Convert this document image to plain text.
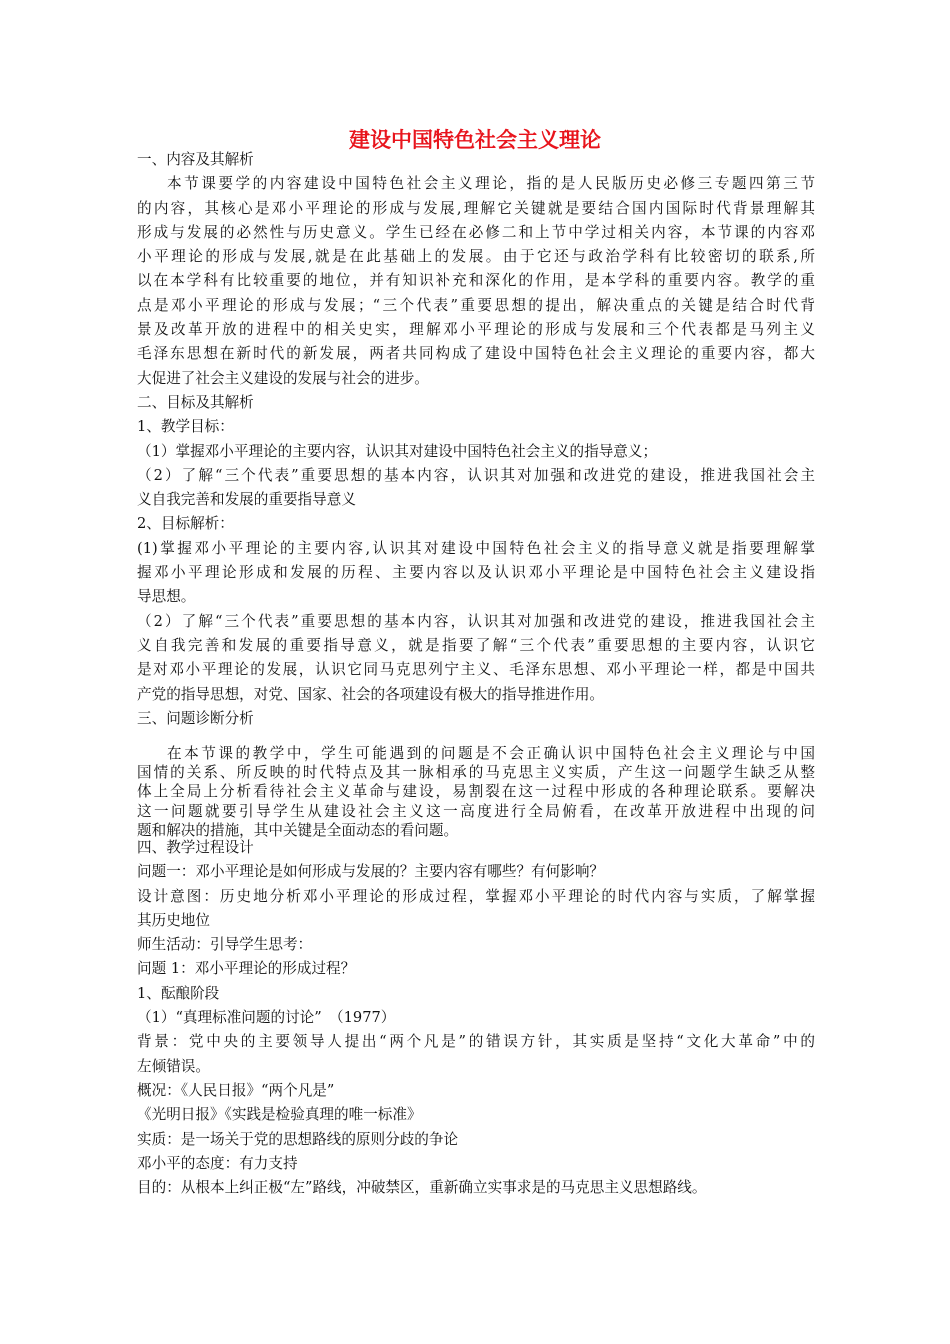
建设中国特色社会主义理论
一、内容及其解析
本节课要学的内容建设中国特色社会主义理论，指的是人民版历史必修三专题四第三节
的内容，其核心是邓小平理论的形成与发展,理解它关键就是要结合国内国际时代背景理解其
形成与发展的必然性与历史意义。学生已经在必修二和上节中学过相关内容，本节课的内容邓
小平理论的形成与发展,就是在此基础上的发展。由于它还与政治学科有比较密切的联系,所
以在本学科有比较重要的地位，并有知识补充和深化的作用，是本学科的重要内容。教学的重
点是邓小平理论的形成与发展；“三个代表”重要思想的提出，解决重点的关键是结合时代背
景及改革开放的进程中的相关史实，理解邓小平理论的形成与发展和三个代表都是马列主义
毛泽东思想在新时代的新发展，两者共同构成了建设中国特色社会主义理论的重要内容，都大
大促进了社会主义建设的发展与社会的进步。
二、目标及其解析
1、教学目标：
（1）掌握邓小平理论的主要内容，认识其对建设中国特色社会主义的指导意义；
（2）了解“三个代表”重要思想的基本内容，认识其对加强和改进党的建设，推进我国社会主
义自我完善和发展的重要指导意义
2、目标解析：
(1)掌握邓小平理论的主要内容,认识其对建设中国特色社会主义的指导意义就是指要理解掌
握邓小平理论形成和发展的历程、主要内容以及认识邓小平理论是中国特色社会主义建设指
导思想。
（2）了解“三个代表”重要思想的基本内容，认识其对加强和改进党的建设，推进我国社会主
义自我完善和发展的重要指导意义，就是指要了解“三个代表”重要思想的主要内容，认识它
是对邓小平理论的发展，认识它同马克思列宁主义、毛泽东思想、邓小平理论一样，都是中国共
产党的指导思想，对党、国家、社会的各项建设有极大的指导推进作用。
三、问题诊断分析
在本节课的教学中，学生可能遇到的问题是不会正确认识中国特色社会主义理论与中国
国情的关系、所反映的时代特点及其一脉相承的马克思主义实质，产生这一问题学生缺乏从整
体上全局上分析看待社会主义革命与建设，易割裂在这一过程中形成的各种理论联系。要解决
这一问题就要引导学生从建设社会主义这一高度进行全局俯看，在改革开放进程中出现的问
题和解决的措施，其中关键是全面动态的看问题。
四、教学过程设计
问题一：邓小平理论是如何形成与发展的？主要内容有哪些？有何影响？
设计意图：历史地分析邓小平理论的形成过程，掌握邓小平理论的时代内容与实质，了解掌握
其历史地位
师生活动：引导学生思考：
问题 1：邓小平理论的形成过程？
1、酝酿阶段
（1）“真理标准问题的讨论”　（1977）
背景：党中央的主要领导人提出“两个凡是”的错误方针，其实质是坚持“文化大革命”中的
左倾错误。
概况：《人民日报》“两个凡是”
《光明日报》《实践是检验真理的唯一标准》
实质：是一场关于党的思想路线的原则分歧的争论
邓小平的态度：有力支持
目的：从根本上纠正极“左”路线，冲破禁区，重新确立实事求是的马克思主义思想路线。
